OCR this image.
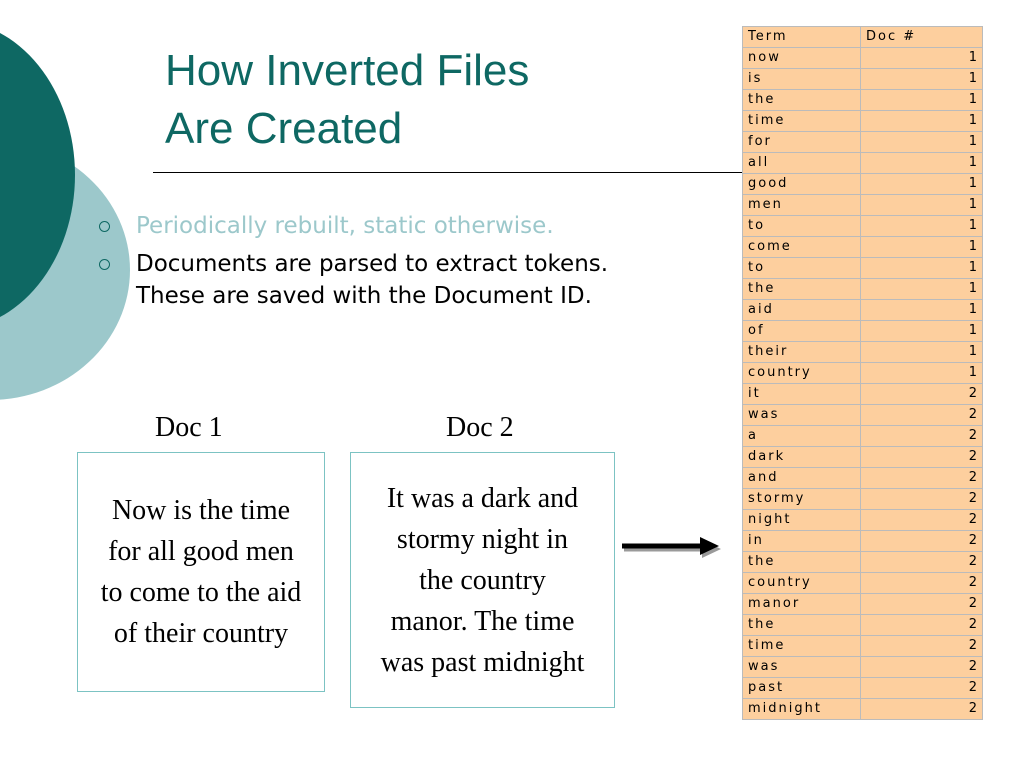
How Inverted Files
Are Created
Periodically rebuilt, static otherwise.
Documents are parsed to extract tokens. These are saved with the Document ID.
Doc 1	Doc 2
Now is the time
for all good men
to come to the aid
of their country
It was a dark and
stormy night in
the country
manor. The time
was past midnight
Term	Doc #
now	1
is	1
the	1
time	1
for	1
all	1
good	1
men	1
to	1
come	1
to	1
the	1
aid	1
of	1
their	1
country	1
it	2
was	2
a	2
dark	2
and	2
stormy	2
night	2
in	2
the	2
country	2
manor	2
the	2
time	2
was	2
past	2
midnight	2
